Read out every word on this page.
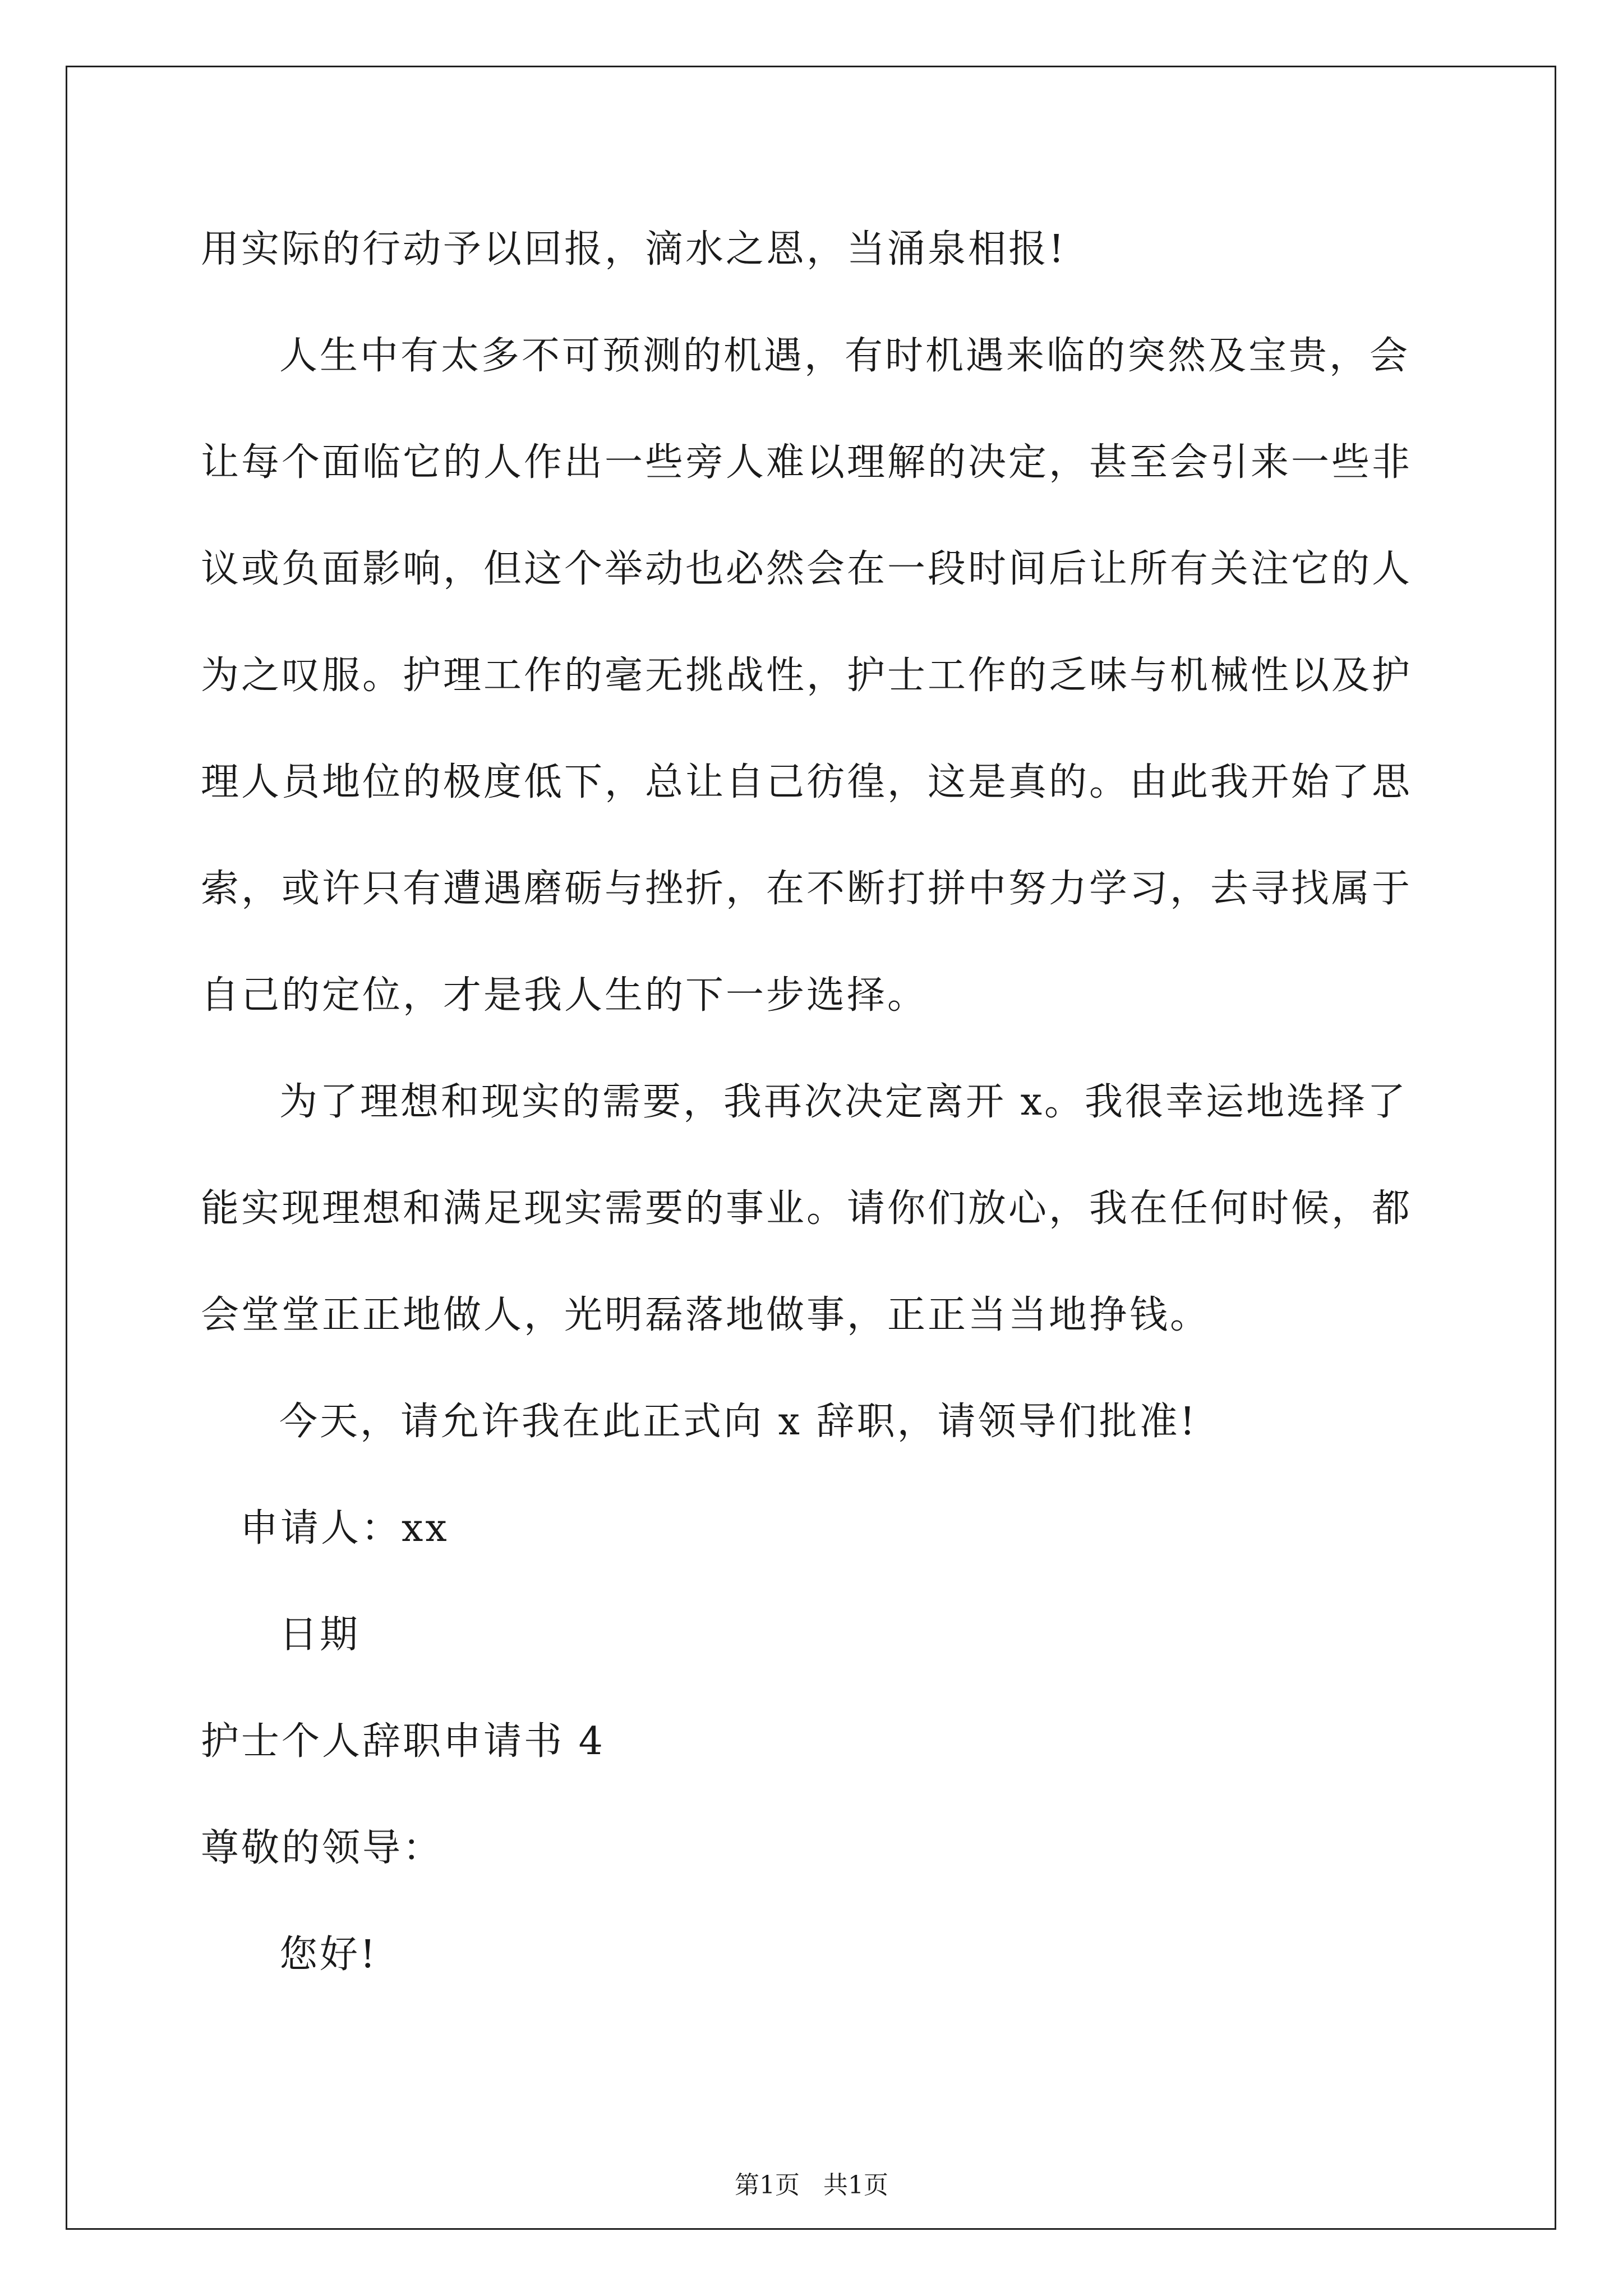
用实际的行动予以回报，滴水之恩，当涌泉相报!
人生中有太多不可预测的机遇，有时机遇来临的突然及宝贵，会
让每个面临它的人作出一些旁人难以理解的决定，甚至会引来一些非
议或负面影响，但这个举动也必然会在一段时间后让所有关注它的人
为之叹服。护理工作的毫无挑战性，护士工作的乏味与机械性以及护
理人员地位的极度低下，总让自己彷徨，这是真的。由此我开始了思
索，或许只有遭遇磨砺与挫折，在不断打拼中努力学习，去寻找属于
自己的定位，才是我人生的下一步选择。
为了理想和现实的需要，我再次决定离开 x。我很幸运地选择了
能实现理想和满足现实需要的事业。请你们放心，我在任何时候，都
会堂堂正正地做人，光明磊落地做事，正正当当地挣钱。
今天，请允许我在此正式向 x 辞职，请领导们批准!
申请人：xx
日期
护士个人辞职申请书 4
尊敬的领导：
您好!
第1页   共1页
